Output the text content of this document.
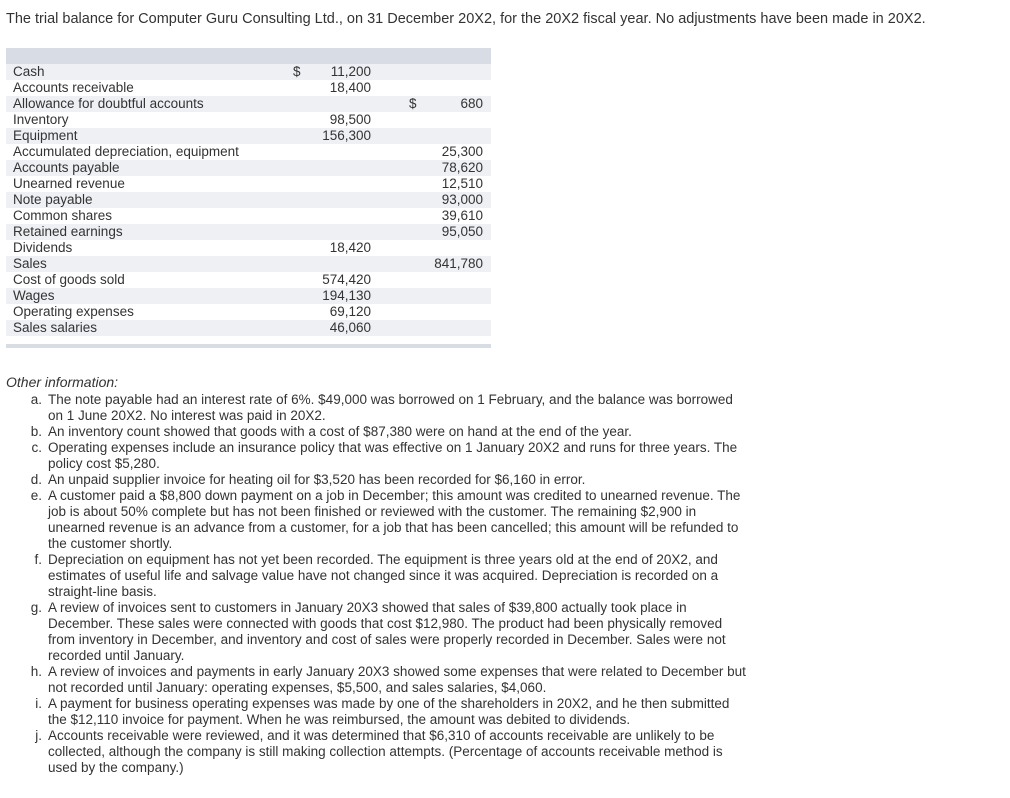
The trial balance for Computer Guru Consulting Ltd., on 31 December 20X2, for the 20X2 fiscal year. No adjustments have been made in 20X2.
Cash	$	11,200			
Accounts receivable		18,400			
Allowance for doubtful accounts				$	680
Inventory		98,500			
Equipment		156,300			
Accumulated depreciation, equipment					25,300
Accounts payable					78,620
Unearned revenue					12,510
Note payable					93,000
Common shares					39,610
Retained earnings					95,050
Dividends		18,420			
Sales					841,780
Cost of goods sold		574,420			
Wages		194,130			
Operating expenses		69,120			
Sales salaries		46,060			
Other information:
a. The note payable had an interest rate of 6%. $49,000 was borrowed on 1 February, and the balance was borrowed on 1 June 20X2. No interest was paid in 20X2.
b. An inventory count showed that goods with a cost of $87,380 were on hand at the end of the year.
c. Operating expenses include an insurance policy that was effective on 1 January 20X2 and runs for three years. The policy cost $5,280.
d. An unpaid supplier invoice for heating oil for $3,520 has been recorded for $6,160 in error.
e. A customer paid a $8,800 down payment on a job in December; this amount was credited to unearned revenue. The job is about 50% complete but has not been finished or reviewed with the customer. The remaining $2,900 in unearned revenue is an advance from a customer, for a job that has been cancelled; this amount will be refunded to the customer shortly.
f. Depreciation on equipment has not yet been recorded. The equipment is three years old at the end of 20X2, and estimates of useful life and salvage value have not changed since it was acquired. Depreciation is recorded on a straight-line basis.
g. A review of invoices sent to customers in January 20X3 showed that sales of $39,800 actually took place in December. These sales were connected with goods that cost $12,980. The product had been physically removed from inventory in December, and inventory and cost of sales were properly recorded in December. Sales were not recorded until January.
h. A review of invoices and payments in early January 20X3 showed some expenses that were related to December but not recorded until January: operating expenses, $5,500, and sales salaries, $4,060.
i. A payment for business operating expenses was made by one of the shareholders in 20X2, and he then submitted the $12,110 invoice for payment. When he was reimbursed, the amount was debited to dividends.
j. Accounts receivable were reviewed, and it was determined that $6,310 of accounts receivable are unlikely to be collected, although the company is still making collection attempts. (Percentage of accounts receivable method is used by the company.)
